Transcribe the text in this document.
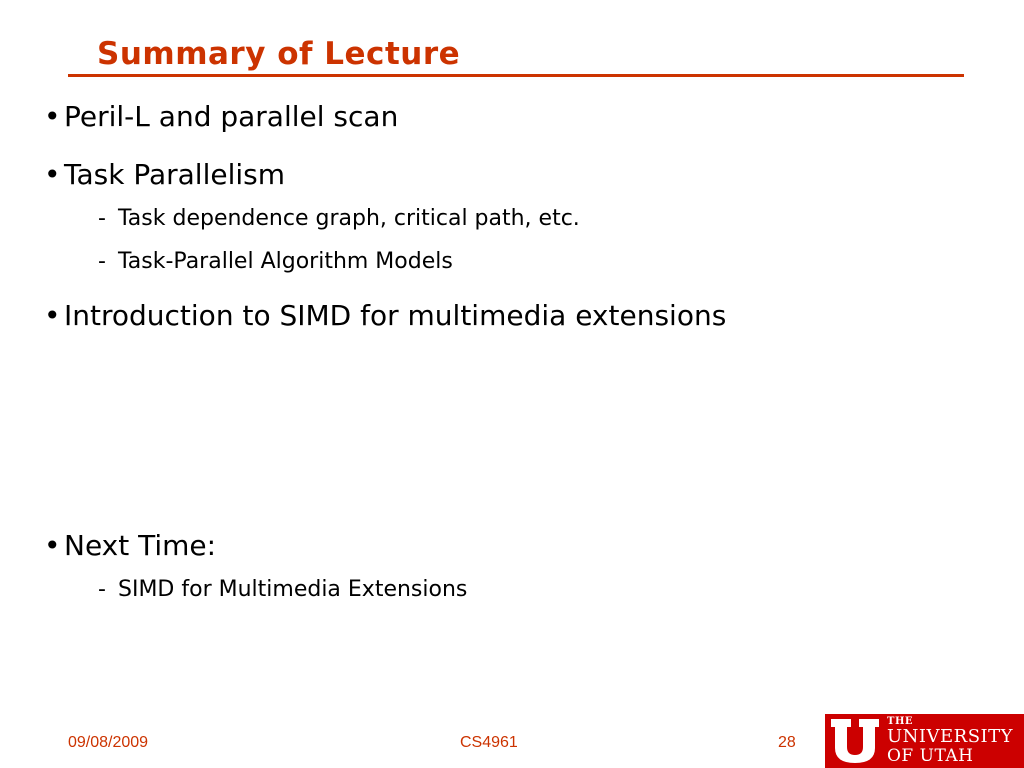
Summary of Lecture
• Peril-L and parallel scan
• Task Parallelism
- Task dependence graph, critical path, etc.
- Task-Parallel Algorithm Models
• Introduction to SIMD for multimedia extensions
• Next Time:
- SIMD for Multimedia Extensions
09/08/2009	CS4961	28
THE
UNIVERSITY
OF UTAH
